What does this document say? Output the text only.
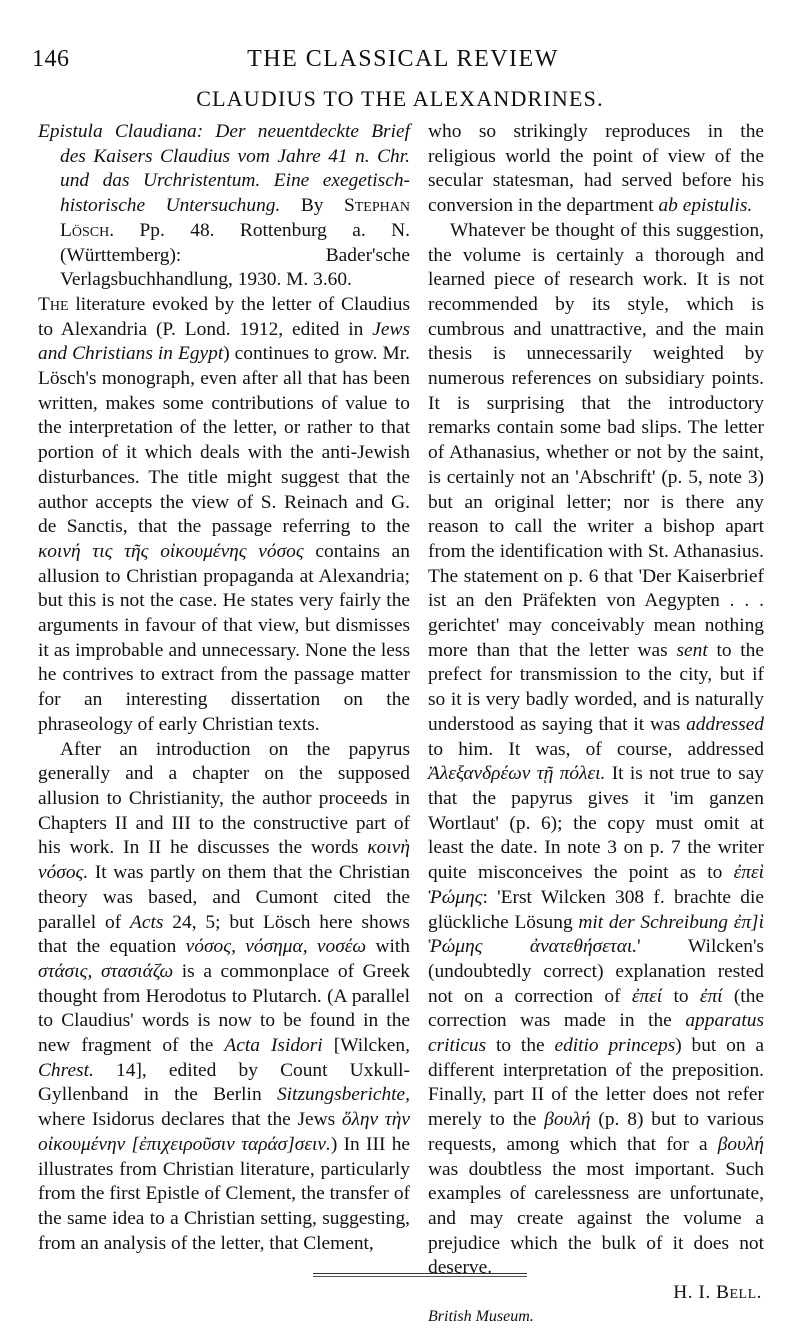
146	THE CLASSICAL REVIEW
CLAUDIUS TO THE ALEXANDRINES.

Epistula Claudiana: Der neuentdeckte Brief des Kaisers Claudius vom Jahre 41 n. Chr. und das Urchristentum. Eine exegetisch-historische Untersuchung. By Stephan Lösch. Pp. 48. Rottenburg a. N. (Württemberg): Bader'sche Verlagsbuchhandlung, 1930. M. 3.60.

The literature evoked by the letter of Claudius to Alexandria (P. Lond. 1912, edited in Jews and Christians in Egypt) continues to grow. Mr. Lösch's monograph, even after all that has been written, makes some contributions of value to the interpretation of the letter, or rather to that portion of it which deals with the anti-Jewish disturbances. The title might suggest that the author accepts the view of S. Reinach and G. de Sanctis, that the passage referring to the κοινή τις τῆς οἰκουμένης νόσος contains an allusion to Christian propaganda at Alexandria; but this is not the case. He states very fairly the arguments in favour of that view, but dismisses it as improbable and unnecessary. None the less he contrives to extract from the passage matter for an interesting dissertation on the phraseology of early Christian texts.

After an introduction on the papyrus generally and a chapter on the supposed allusion to Christianity, the author proceeds in Chapters II and III to the constructive part of his work. In II he discusses the words κοινὴ νόσος. It was partly on them that the Christian theory was based, and Cumont cited the parallel of Acts 24, 5; but Lösch here shows that the equation νόσος, νόσημα, νοσέω with στάσις, στασιάζω is a commonplace of Greek thought from Herodotus to Plutarch. (A parallel to Claudius' words is now to be found in the new fragment of the Acta Isidori [Wilcken, Chrest. 14], edited by Count Uxkull-Gyllenband in the Berlin Sitzungsberichte, where Isidorus declares that the Jews ὅλην τὴν οἰκουμένην [ἐπιχειροῦσιν ταράσ]σειν.) In III he illustrates from Christian literature, particularly from the first Epistle of Clement, the transfer of the same idea to a Christian setting, suggesting, from an analysis of the letter, that Clement,

who so strikingly reproduces in the religious world the point of view of the secular statesman, had served before his conversion in the department ab epistulis.

Whatever be thought of this suggestion, the volume is certainly a thorough and learned piece of research work. It is not recommended by its style, which is cumbrous and unattractive, and the main thesis is unnecessarily weighted by numerous references on subsidiary points. It is surprising that the introductory remarks contain some bad slips. The letter of Athanasius, whether or not by the saint, is certainly not an 'Abschrift' (p. 5, note 3) but an original letter; nor is there any reason to call the writer a bishop apart from the identification with St. Athanasius. The statement on p. 6 that 'Der Kaiserbrief ist an den Präfekten von Aegypten . . . gerichtet' may conceivably mean nothing more than that the letter was sent to the prefect for transmission to the city, but if so it is very badly worded, and is naturally understood as saying that it was addressed to him. It was, of course, addressed Ἀλεξανδρέων τῇ πόλει. It is not true to say that the papyrus gives it 'im ganzen Wortlaut' (p. 6); the copy must omit at least the date. In note 3 on p. 7 the writer quite misconceives the point as to ἐπεὶ Ῥώμης: 'Erst Wilcken 308 f. brachte die glückliche Lösung mit der Schreibung ἐπ]ὶ Ῥώμης ἀνατεθήσεται.' Wilcken's (undoubtedly correct) explanation rested not on a correction of ἐπεί to ἐπί (the correction was made in the apparatus criticus to the editio princeps) but on a different interpretation of the preposition. Finally, part II of the letter does not refer merely to the βουλή (p. 8) but to various requests, among which that for a βουλή was doubtless the most important. Such examples of carelessness are unfortunate, and may create against the volume a prejudice which the bulk of it does not deserve.

H. I. Bell.

British Museum.
